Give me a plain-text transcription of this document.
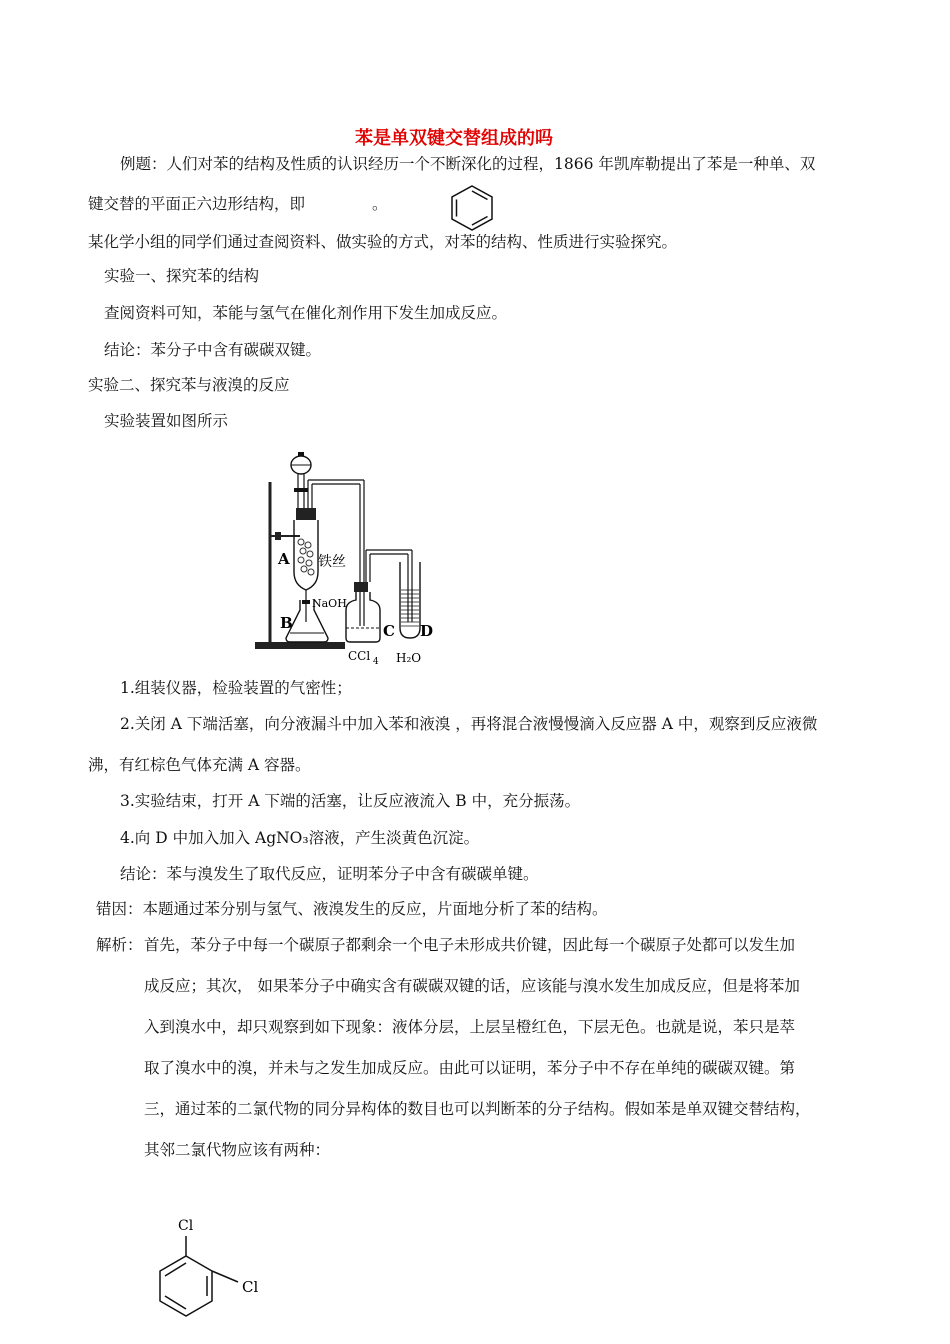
苯是单双键交替组成的吗
例题：人们对苯的结构及性质的认识经历一个不断深化的过程，1866 年凯库勒提出了苯是一种单、双
键交替的平面正六边形结构，即	。
某化学小组的同学们通过查阅资料、做实验的方式，对苯的结构、性质进行实验探究。
实验一、探究苯的结构
查阅资料可知，苯能与氢气在催化剂作用下发生加成反应。
结论：苯分子中含有碳碳双键。
实验二、探究苯与液溴的反应
实验装置如图所示
A 铁丝
NaOH
B	C D
CCl 4 H₂O
1.组装仪器，检验装置的气密性；
2.关闭 A 下端活塞，向分液漏斗中加入苯和液溴 ，再将混合液慢慢滴入反应器 A 中，观察到反应液微
沸，有红棕色气体充满 A 容器。
3.实验结束，打开 A 下端的活塞，让反应液流入 B 中，充分振荡。
4.向 D 中加入加入 AgNO₃溶液，产生淡黄色沉淀。
结论：苯与溴发生了取代反应，证明苯分子中含有碳碳单键。
错因：本题通过苯分别与氢气、液溴发生的反应，片面地分析了苯的结构。
解析： 首先，苯分子中每一个碳原子都剩余一个电子未形成共价键，因此每一个碳原子处都可以发生加
成反应；其次， 如果苯分子中确实含有碳碳双键的话，应该能与溴水发生加成反应，但是将苯加
入到溴水中，却只观察到如下现象：液体分层，上层呈橙红色，下层无色。也就是说，苯只是萃
取了溴水中的溴，并未与之发生加成反应。由此可以证明，苯分子中不存在单纯的碳碳双键。第
三，通过苯的二氯代物的同分异构体的数目也可以判断苯的分子结构。假如苯是单双键交替结构，
其邻二氯代物应该有两种：
Cl
Cl
